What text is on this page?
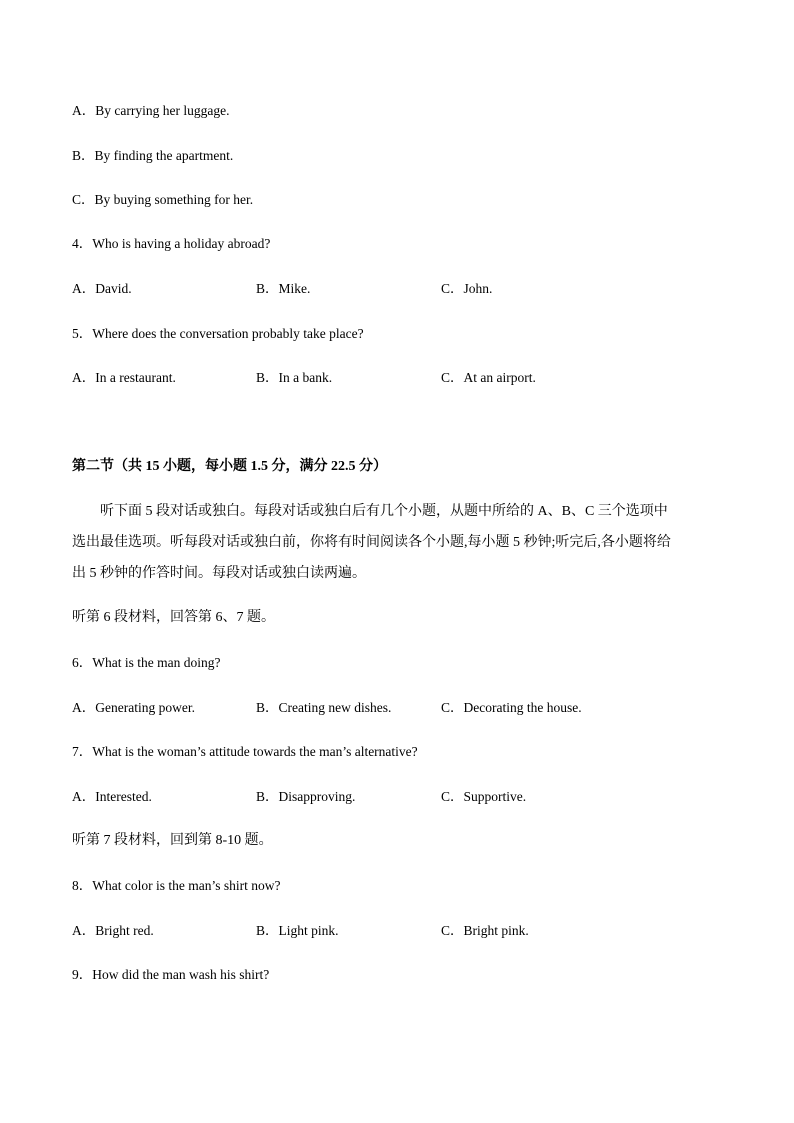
A．By carrying her luggage.
B．By finding the apartment.
C．By buying something for her.
4．Who is having a holiday abroad?
A．David.	B．Mike.	C．John.
5．Where does the conversation probably take place?
A．In a restaurant.	B．In a bank.	C．At an airport.
第二节（共 15 小题，每小题 1.5 分，满分 22.5 分）
听下面 5 段对话或独白。每段对话或独白后有几个小题，从题中所给的 A、B、C 三个选项中
选出最佳选项。听每段对话或独白前，你将有时间阅读各个小题,每小题 5 秒钟;听完后,各小题将给
出 5 秒钟的作答时间。每段对话或独白读两遍。
听第 6 段材料，回答第 6、7 题。
6．What is the man doing?
A．Generating power.	B．Creating new dishes.	C．Decorating the house.
7．What is the woman’s attitude towards the man’s alternative?
A．Interested.	B．Disapproving.	C．Supportive.
听第 7 段材料，回到第 8-10 题。
8．What color is the man’s shirt now?
A．Bright red.	B．Light pink.	C．Bright pink.
9．How did the man wash his shirt?
